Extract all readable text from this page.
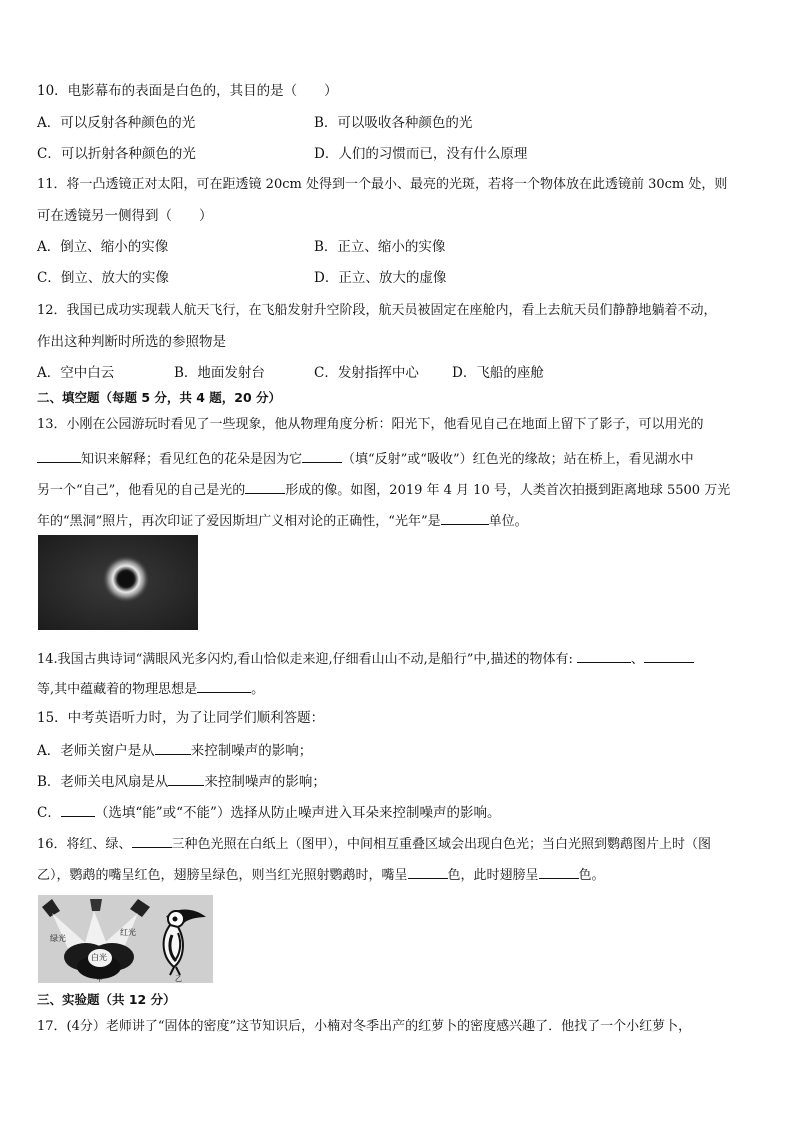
10．电影幕布的表面是白色的，其目的是（　　）
A．可以反射各种颜色的光	B．可以吸收各种颜色的光
C．可以折射各种颜色的光	D．人们的习惯而已，没有什么原理
11．将一凸透镜正对太阳，可在距透镜 20cm 处得到一个最小、最亮的光斑，若将一个物体放在此透镜前 30cm 处，则
可在透镜另一侧得到（　　）
A．倒立、缩小的实像	B．正立、缩小的实像
C．倒立、放大的实像	D．正立、放大的虚像
12．我国已成功实现载人航天飞行，在飞船发射升空阶段，航天员被固定在座舱内，看上去航天员们静静地躺着不动，
作出这种判断时所选的参照物是
A．空中白云	B．地面发射台	C．发射指挥中心 D．飞船的座舱
二、填空题（每题 5 分，共 4 题，20 分）
13．小刚在公园游玩时看见了一些现象，他从物理角度分析：阳光下，他看见自己在地面上留下了影子，可以用光的
知识来解释；看见红色的花朵是因为它	（填“反射”或“吸收”）红色光的缘故；站在桥上，看见湖水中
另一个“自己”，他看见的自己是光的	形成的像。如图，2019 年 4 月 10 号，人类首次拍摄到距离地球 5500 万光
年的“黑洞”照片，再次印证了爱因斯坦广义相对论的正确性，“光年”是	单位。
14.我国古典诗词“满眼风光多闪灼,看山恰似走来迎,仔细看山山不动,是船行”中,描述的物体有:	、
等,其中蕴藏着的物理思想是	。
15．中考英语听力时，为了让同学们顺利答题：
A．老师关窗户是从	来控制噪声的影响；
B．老师关电风扇是从	来控制噪声的影响；
C．	（选填“能”或“不能”）选择从防止噪声进入耳朵来控制噪声的影响。
16．将红、绿、	三种色光照在白纸上（图甲），中间相互重叠区域会出现白色光；当白光照到鹦鹉图片上时（图
乙），鹦鹉的嘴呈红色，翅膀呈绿色，则当红光照射鹦鹉时，嘴呈	色，此时翅膀呈	色。
绿光
红光
白光
甲	乙
三、实验题（共 12 分）
17．(4分）老师讲了“固体的密度”这节知识后，小楠对冬季出产的红萝卜的密度感兴趣了．他找了一个小红萝卜，
